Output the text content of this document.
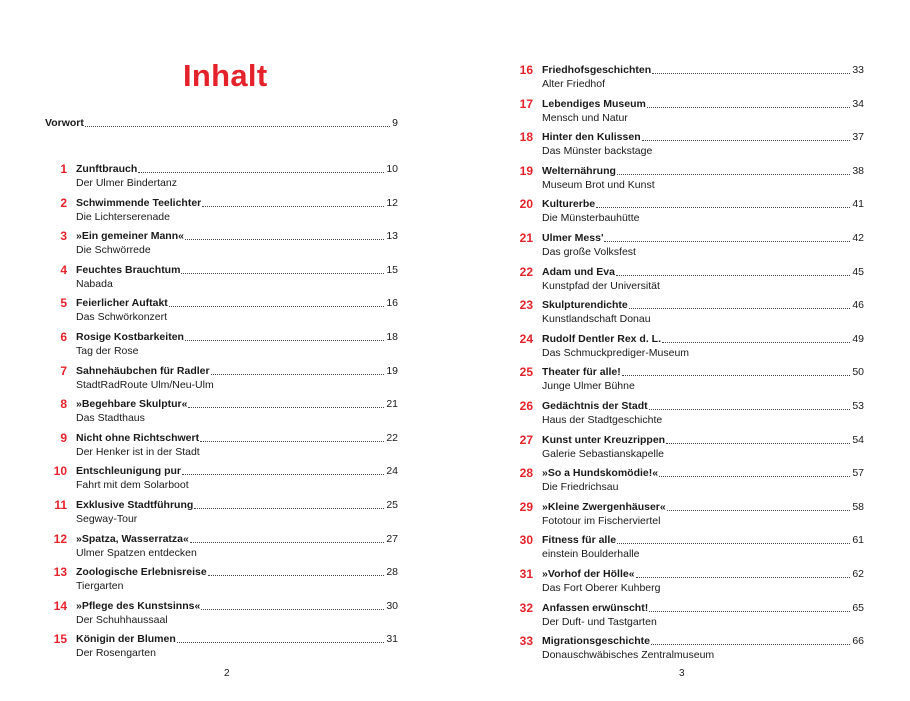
Inhalt
Vorwort	9
1 Zunftbrauch	10
Der Ulmer Bindertanz
2 Schwimmende Teelichter	12
Die Lichterserenade
3 »Ein gemeiner Mann«	13
Die Schwörrede
4 Feuchtes Brauchtum	15
Nabada
5 Feierlicher Auftakt	16
Das Schwörkonzert
6 Rosige Kostbarkeiten	18
Tag der Rose
7 Sahnehäubchen für Radler	19
StadtRadRoute Ulm/Neu-Ulm
8 »Begehbare Skulptur«	21
Das Stadthaus
9 Nicht ohne Richtschwert	22
Der Henker ist in der Stadt
10 Entschleunigung pur	24
Fahrt mit dem Solarboot
11 Exklusive Stadtführung	25
Segway-Tour
12 »Spatza, Wasserratza«	27
Ulmer Spatzen entdecken
13 Zoologische Erlebnisreise	28
Tiergarten
14 »Pflege des Kunstsinns«	30
Der Schuhhaussaal
15 Königin der Blumen	31
Der Rosengarten
2
16 Friedhofsgeschichten	33
Alter Friedhof
17 Lebendiges Museum	34
Mensch und Natur
18 Hinter den Kulissen	37
Das Münster backstage
19 Welternährung	38
Museum Brot und Kunst
20 Kulturerbe	41
Die Münsterbauhütte
21 Ulmer Mess'	42
Das große Volksfest
22 Adam und Eva	45
Kunstpfad der Universität
23 Skulpturendichte	46
Kunstlandschaft Donau
24 Rudolf Dentler Rex d. L.	49
Das Schmuckprediger-Museum
25 Theater für alle!	50
Junge Ulmer Bühne
26 Gedächtnis der Stadt	53
Haus der Stadtgeschichte
27 Kunst unter Kreuzrippen	54
Galerie Sebastianskapelle
28 »So a Hundskomödie!«	57
Die Friedrichsau
29 »Kleine Zwergenhäuser«	58
Fototour im Fischerviertel
30 Fitness für alle	61
einstein Boulderhalle
31 »Vorhof der Hölle«	62
Das Fort Oberer Kuhberg
32 Anfassen erwünscht!	65
Der Duft- und Tastgarten
33 Migrationsgeschichte	66
Donauschwäbisches Zentralmuseum
3
